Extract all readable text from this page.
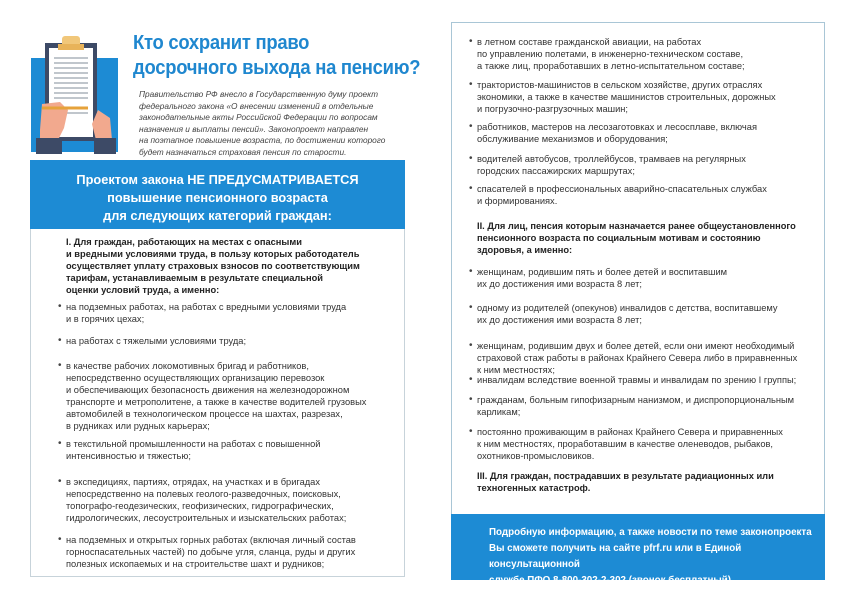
Кто сохранит право
досрочного выхода на пенсию?
Правительство РФ внесло в Государственную думу проект
федерального закона «О внесении изменений в отдельные
законодательные акты Российской Федерации по вопросам
назначения и выплаты пенсий». Законопроект направлен
на поэтапное повышение возраста, по достижении которого
будет назначаться страховая пенсия по старости.
Проектом закона НЕ ПРЕДУСМАТРИВАЕТСЯ
повышение пенсионного возраста
для следующих категорий граждан:
I. Для граждан, работающих на местах с опасными
и вредными условиями труда, в пользу которых работодатель
осуществляет уплату страховых взносов по соответствующим
тарифам, устанавливаемым в результате специальной
оценки условий труда, а именно:
• на подземных работах, на работах с вредными условиями труда
и в горячих цехах;
• на работах с тяжелыми условиями труда;
• в качестве рабочих локомотивных бригад и работников,
непосредственно осуществляющих организацию перевозок
и обеспечивающих безопасность движения на железнодорожном
транспорте и метрополитене, а также в качестве водителей грузовых
автомобилей в технологическом процессе на шахтах, разрезах,
в рудниках или рудных карьерах;
• в текстильной промышленности на работах с повышенной
интенсивностью и тяжестью;
• в экспедициях, партиях, отрядах, на участках и в бригадах
непосредственно на полевых геолого-разведочных, поисковых,
топографо-геодезических, геофизических, гидрографических,
гидрологических, лесоустроительных и изыскательских работах;
• на подземных и открытых горных работах (включая личный состав
горноспасательных частей) по добыче угля, сланца, руды и других
полезных ископаемых и на строительстве шахт и рудников;
• в летном составе гражданской авиации, на работах
по управлению полетами, в инженерно-техническом составе,
а также лиц, проработавших в летно-испытательном составе;
• трактористов-машинистов в сельском хозяйстве, других отраслях
экономики, а также в качестве машинистов строительных, дорожных
и погрузочно-разгрузочных машин;
• работников, мастеров на лесозаготовках и лесосплаве, включая
обслуживание механизмов и оборудования;
• водителей автобусов, троллейбусов, трамваев на регулярных
городских пассажирских маршрутах;
• спасателей в профессиональных аварийно-спасательных службах
и формированиях.
II. Для лиц, пенсия которым назначается ранее общеустановленного
пенсионного возраста по социальным мотивам и состоянию
здоровья, а именно:
• женщинам, родившим пять и более детей и воспитавшим
их до достижения ими возраста 8 лет;
• одному из родителей (опекунов) инвалидов с детства, воспитавшему
их до достижения ими возраста 8 лет;
• женщинам, родившим двух и более детей, если они имеют необходимый
страховой стаж работы в районах Крайнего Севера либо в приравненных
к ним местностях;
• инвалидам вследствие военной травмы и инвалидам по зрению I группы;
• гражданам, больным гипофизарным нанизмом, и диспропорциональным
карликам;
• постоянно проживающим в районах Крайнего Севера и приравненных
к ним местностях, проработавшим в качестве оленеводов, рыбаков,
охотников-промысловиков.
III. Для граждан, пострадавших в результате радиационных или
техногенных катастроф.
Подробную информацию, а также новости по теме законопроекта
Вы сможете получить на сайте pfrf.ru или в Единой консультационной
службе ПФО 8-800-302-2-302 (звонок бесплатный).
